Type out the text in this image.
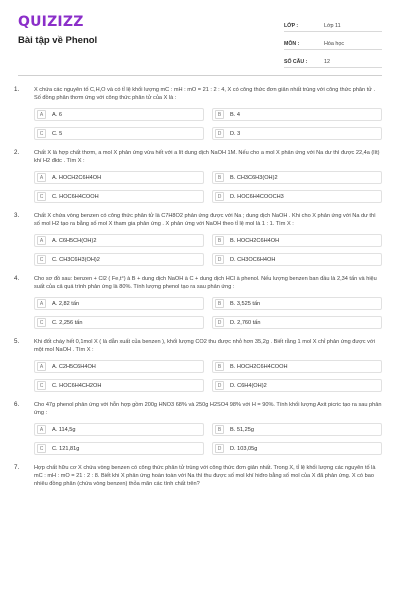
QUIZIZZ
Bài tập về Phenol
LỚP :	Lớp 11
MÔN :	Hóa học
SỐ CÂU :	12
1.	X chứa các nguyên tố C,H,O và có tỉ lệ khối lượng mC : mH : mO = 21 : 2 : 4, X có công thức đơn giản nhất trùng với công thức phân tử . Số đồng phân thơm ứng với công thức phân tử của X là :
A	A. 6	B	B. 4
C	C. 5	D	D. 3
2.	Chất X là hợp chất thơm, a mol X phản ứng vừa hết với a lít dung dịch NaOH 1M. Nếu cho a mol X phản ứng với Na dư thì được 22,4a (lít) khí H2 đktc . Tìm X :
A	A. HOCH2C6H4OH	B	B. CH3C6H3(OH)2
C	C. HOC6H4COOH	D	D. HOC6H4COOCH3
3.	Chất X chứa vòng benzen có công thức phân tử là C7H8O2 phản ứng được với Na ; dung dịch NaOH . Khi cho X phản ứng với Na dư thì số mol H2 tạo ra bằng số mol X tham gia phản ứng . X phản ứng với NaOH theo tỉ lệ mol là 1 : 1. Tìm X :
A	A. C6H5CH(OH)2	B	B. HOCH2C6H4OH
C	C. CH3C6H3(OH)2	D	D. CH3OC6H4OH
4.	Cho sơ đồ sau: benzen + Cl2 ( Fe,t°) à B + dung dịch NaOH à C + dung dịch HCl à phenol. Nếu lượng benzen ban đầu là 2,34 tấn và hiệu suất của cả quá trình phản ứng là 80%. Tính lượng phenol tạo ra sau phản ứng :
A	A. 2,82 tấn	B	B. 3,525 tấn
C	C. 2,256 tấn	D	D. 2,760 tấn
5.	Khi đốt cháy hết 0,1mol X ( là dẫn xuất của benzen ), khối lượng CO2 thu được nhỏ hơn 35,2g . Biết rằng 1 mol X chỉ phản ứng được với một mol NaOH . Tìm X :
A	A. C2H5C6H4OH	B	B. HOCH2C6H4COOH
C	C. HOC6H4CH2OH	D	D. C6H4(OH)2
6.	Cho 47g phenol phản ứng với hỗn hợp gồm 200g HNO3 68% và 250g H2SO4 98% với H = 90%. Tính khối lượng Axit picric tạo ra sau phản ứng :
A	A. 114,5g	B	B. 51,25g
C	C. 121,81g	D	D. 103,05g
7.	Hợp chất hữu cơ X chứa vòng benzen có công thức phân tử trùng với công thức đơn giản nhất. Trong X, tỉ lệ khối lượng các nguyên tố là mC : mH : mO = 21 : 2 : 8. Biết khi X phản ứng hoàn toàn với Na thì thu được số mol khí hiđro bằng số mol của X đã phản ứng. X có bao nhiêu đồng phân (chứa vòng benzen) thỏa mãn các tính chất trên?
